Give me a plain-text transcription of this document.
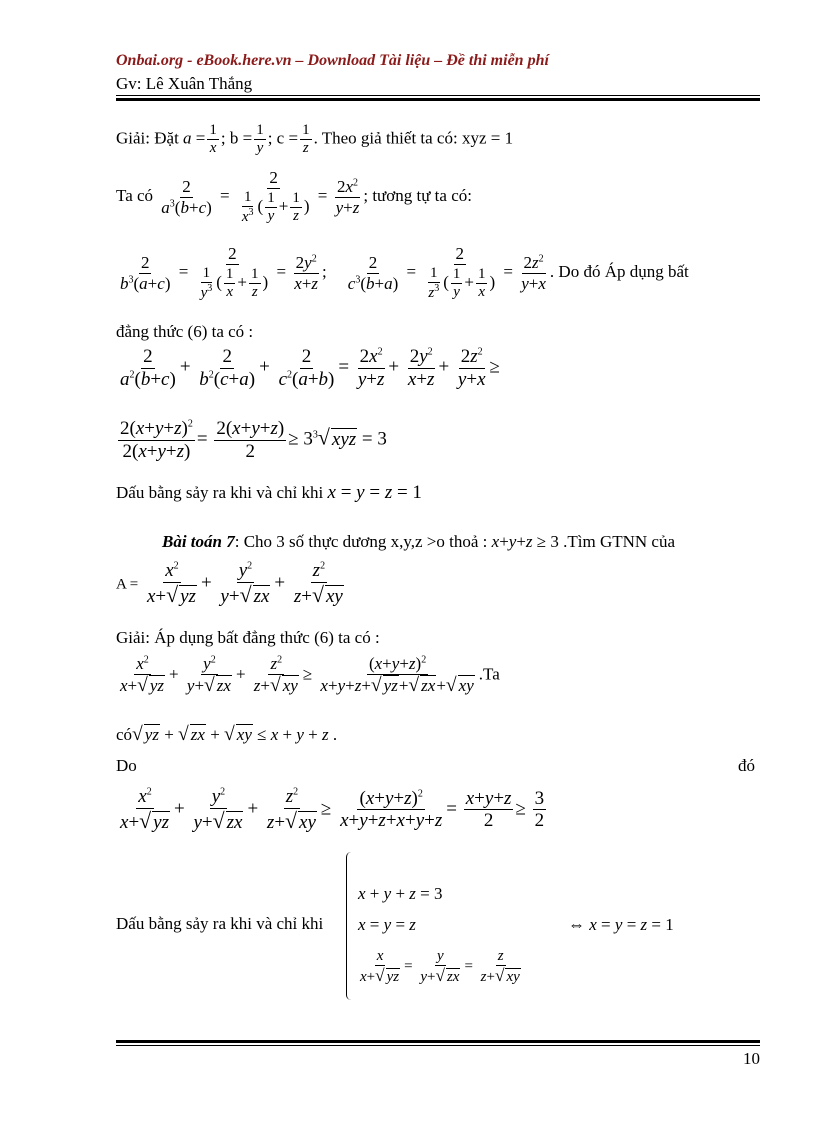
Onbai.org - eBook.here.vn – Download Tài liệu – Đề thi miễn phí
Gv: Lê Xuân Thắng
Giải: Đặt $a = \frac{1}{x}$ ; $b = \frac{1}{y}$ ; $c = \frac{1}{z}$ . Theo giả thiết ta có: xyz = 1
Ta có $\frac{2}{a^3(b+c)} = \frac{2}{\frac{1}{x^3} ( \frac{1}{y} + \frac{1}{z} )} = \frac{2x^2}{y+z}$ ; tương tự ta có:
$\frac{2}{b^3(a+c)} = \frac{2}{\frac{1}{y^3} ( \frac{1}{x} + \frac{1}{z} )} = \frac{2y^2}{x+z}$ ; $\frac{2}{c^3(b+a)} = \frac{2}{\frac{1}{z^3} ( \frac{1}{y} + \frac{1}{x} )} = \frac{2z^2}{y+x}$ . Do đó Áp dụng bất
đẳng thức (6) ta có :
$\frac{2}{a^2(b+c)} + \frac{2}{b^2(c+a)} + \frac{2}{c^2(a+b)} = \frac{2x^2}{y+z} + \frac{2y^2}{x+z} + \frac{2z^2}{y+x}$ ≥
$\frac{2(x+y+z)^2}{2(x+y+z)} = \frac{2(x+y+z)}{2} \ge 3^3√$ xyz = 3
Dấu bằng sảy ra khi và chỉ khi x = y = z = 1
Bài toán 7: Cho 3 số thực dương x,y,z >o thoả : x+y+z ≥ 3 .Tìm GTNN của
$A = \frac{x^2}{x+√ yz} + \frac{y^2}{y+√ zx} + \frac{z^2}{z+√ xy}$
Giải: Áp dụng bất đẳng thức (6) ta có :
$\frac{x^2}{x+√ yz} + \frac{y^2}{y+√ zx} + \frac{z^2}{z+√ xy} \ge \frac{(x+y+z)^2}{x+y+z+√ yz+√ zx+√ xy} .Ta$
có√ yz + √ zx + √ xy ≤ x + y + z .
Do	đó
$\frac{x^2}{x+√ yz} + \frac{y^2}{y+√ zx} + \frac{z^2}{z+√ xy} \ge \frac{(x+y+z)^2}{x+y+z+x+y+z} = \frac{x+y+z}{2} \ge \frac{3}{2}$
Dấu bằng sảy ra khi và chỉ khi
x + y + z = 3
x = y = z	⇔ x = y = z = 1
$\frac{x}{x+√ yz} = \frac{y}{y+√ zx} = \frac{z}{z+√ xy}$
10
